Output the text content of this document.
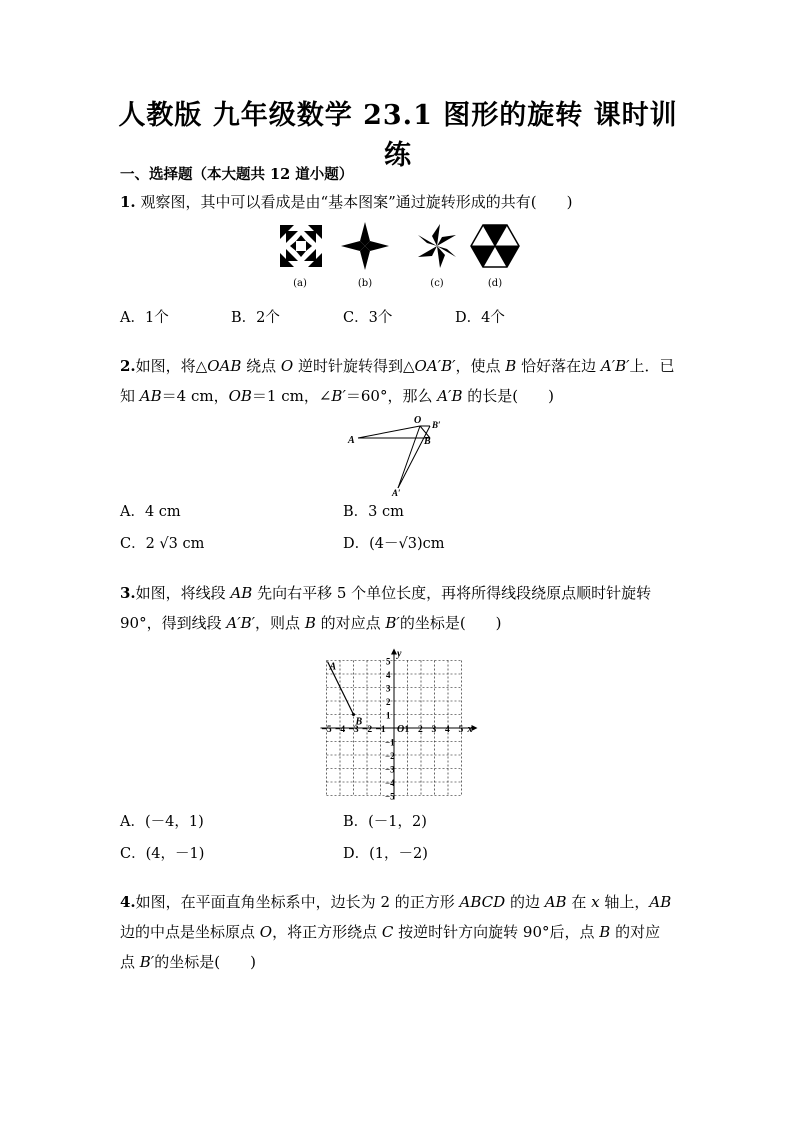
人教版 九年级数学 23.1 图形的旋转 课时训
练
一、选择题（本大题共 12 道小题）
1. 观察图，其中可以看成是由“基本图案”通过旋转形成的共有(　　)
(a)	(b)	(c)	(d)
A．1个	B．2个	C．3个	D．4个
2.如图，将△OAB 绕点 O 逆时针旋转得到△OA′B′，使点 B 恰好落在边 A′B′上．已
知 AB＝4 cm，OB＝1 cm，∠B′＝60°，那么 A′B 的长是(　　)
A
O B′
B
A′
A．4 cm	B．3 cm
C．2 √3 cm	D．(4－√3)cm
3.如图，将线段 AB 先向右平移 5 个单位长度，再将所得线段绕原点顺时针旋转
90°，得到线段 A′B′，则点 B 的对应点 B′的坐标是(　　)
−5 −4 −3 −2 −1 1 2 3 4 5
5
4
3
2
1
−1
−2
−3
−4
−5
O	x
y
A
B
A．(－4，1)	B．(－1，2)
C．(4，－1)	D．(1，－2)
4.如图，在平面直角坐标系中，边长为 2 的正方形 ABCD 的边 AB 在 x 轴上，AB
边的中点是坐标原点 O，将正方形绕点 C 按逆时针方向旋转 90°后，点 B 的对应
点 B′的坐标是(　　)
